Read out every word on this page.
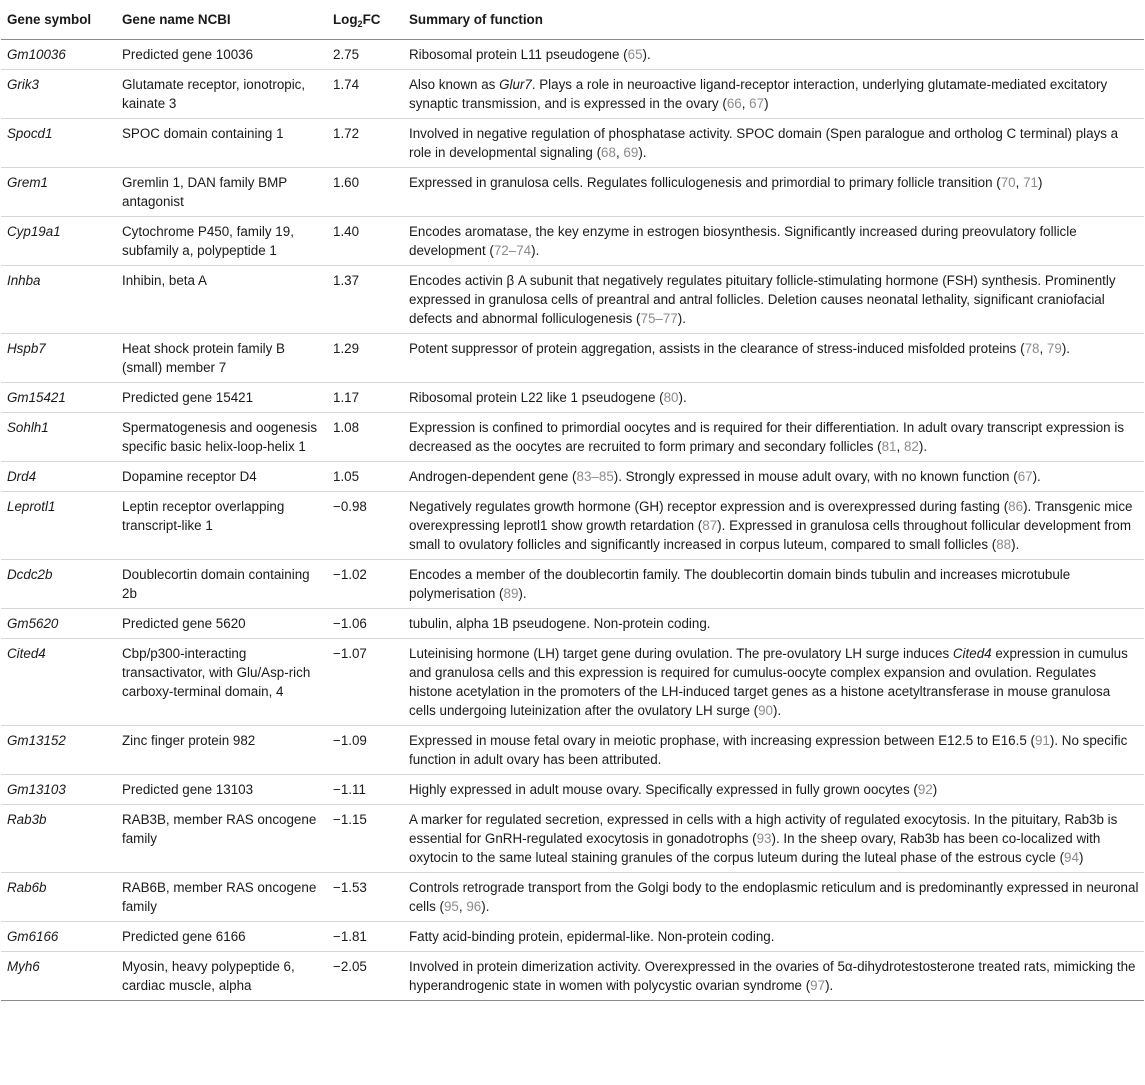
Gene symbol	Gene name NCBI	Log$_2$FC	Summary of function
Gm10036	Predicted gene 10036	2.75	Ribosomal protein L11 pseudogene (65).
Grik3	Glutamate receptor, ionotropic, kainate 3	1.74	Also known as Glur7. Plays a role in neuroactive ligand-receptor interaction, underlying glutamate-mediated excitatory synaptic transmission, and is expressed in the ovary (66, 67)
Spocd1	SPOC domain containing 1	1.72	Involved in negative regulation of phosphatase activity. SPOC domain (Spen paralogue and ortholog C terminal) plays a role in developmental signaling (68, 69).
Grem1	Gremlin 1, DAN family BMP antagonist	1.60	Expressed in granulosa cells. Regulates folliculogenesis and primordial to primary follicle transition (70, 71)
Cyp19a1	Cytochrome P450, family 19, subfamily a, polypeptide 1	1.40	Encodes aromatase, the key enzyme in estrogen biosynthesis. Significantly increased during preovulatory follicle development (72–74).
Inhba	Inhibin, beta A	1.37	Encodes activin β A subunit that negatively regulates pituitary follicle-stimulating hormone (FSH) synthesis. Prominently expressed in granulosa cells of preantral and antral follicles. Deletion causes neonatal lethality, significant craniofacial defects and abnormal folliculogenesis (75–77).
Hspb7	Heat shock protein family B (small) member 7	1.29	Potent suppressor of protein aggregation, assists in the clearance of stress-induced misfolded proteins (78, 79).
Gm15421	Predicted gene 15421	1.17	Ribosomal protein L22 like 1 pseudogene (80).
Sohlh1	Spermatogenesis and oogenesis specific basic helix-loop-helix 1	1.08	Expression is confined to primordial oocytes and is required for their differentiation. In adult ovary transcript expression is decreased as the oocytes are recruited to form primary and secondary follicles (81, 82).
Drd4	Dopamine receptor D4	1.05	Androgen-dependent gene (83–85). Strongly expressed in mouse adult ovary, with no known function (67).
Leprotl1	Leptin receptor overlapping transcript-like 1	−0.98	Negatively regulates growth hormone (GH) receptor expression and is overexpressed during fasting (86). Transgenic mice overexpressing leprotl1 show growth retardation (87). Expressed in granulosa cells throughout follicular development from small to ovulatory follicles and significantly increased in corpus luteum, compared to small follicles (88).
Dcdc2b	Doublecortin domain containing 2b	−1.02	Encodes a member of the doublecortin family. The doublecortin domain binds tubulin and increases microtubule polymerisation (89).
Gm5620	Predicted gene 5620	−1.06	tubulin, alpha 1B pseudogene. Non-protein coding.
Cited4	Cbp/p300-interacting transactivator, with Glu/Asp-rich carboxy-terminal domain, 4	−1.07	Luteinising hormone (LH) target gene during ovulation. The pre-ovulatory LH surge induces Cited4 expression in cumulus and granulosa cells and this expression is required for cumulus-oocyte complex expansion and ovulation. Regulates histone acetylation in the promoters of the LH-induced target genes as a histone acetyltransferase in mouse granulosa cells undergoing luteinization after the ovulatory LH surge (90).
Gm13152	Zinc finger protein 982	−1.09	Expressed in mouse fetal ovary in meiotic prophase, with increasing expression between E12.5 to E16.5 (91). No specific function in adult ovary has been attributed.
Gm13103	Predicted gene 13103	−1.11	Highly expressed in adult mouse ovary. Specifically expressed in fully grown oocytes (92)
Rab3b	RAB3B, member RAS oncogene family	−1.15	A marker for regulated secretion, expressed in cells with a high activity of regulated exocytosis. In the pituitary, Rab3b is essential for GnRH-regulated exocytosis in gonadotrophs (93). In the sheep ovary, Rab3b has been co-localized with oxytocin to the same luteal staining granules of the corpus luteum during the luteal phase of the estrous cycle (94)
Rab6b	RAB6B, member RAS oncogene family	−1.53	Controls retrograde transport from the Golgi body to the endoplasmic reticulum and is predominantly expressed in neuronal cells (95, 96).
Gm6166	Predicted gene 6166	−1.81	Fatty acid-binding protein, epidermal-like. Non-protein coding.
Myh6	Myosin, heavy polypeptide 6, cardiac muscle, alpha	−2.05	Involved in protein dimerization activity. Overexpressed in the ovaries of 5α-dihydrotestosterone treated rats, mimicking the hyperandrogenic state in women with polycystic ovarian syndrome (97).
